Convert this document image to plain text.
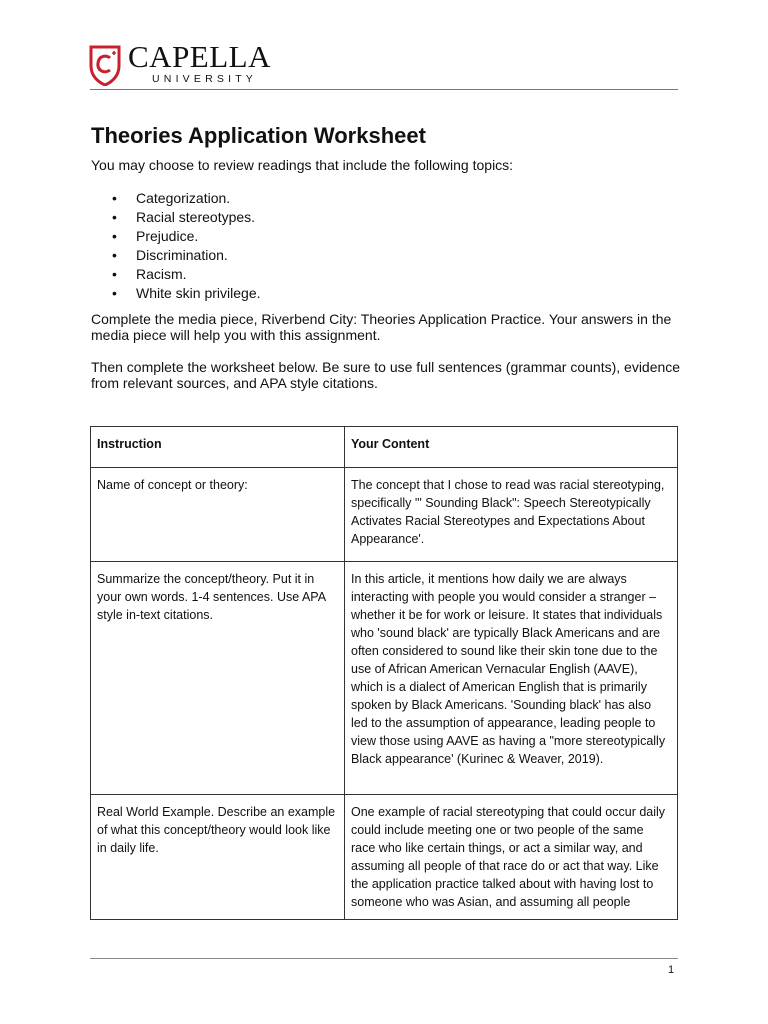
CAPELLA
UNIVERSITY
Theories Application Worksheet
You may choose to review readings that include the following topics:
• Categorization.
• Racial stereotypes.
• Prejudice.
• Discrimination.
• Racism.
• White skin privilege.
Complete the media piece, Riverbend City: Theories Application Practice. Your answers in the media piece will help you with this assignment.
Then complete the worksheet below. Be sure to use full sentences (grammar counts), evidence from relevant sources, and APA style citations.
Instruction	Your Content
Name of concept or theory:	The concept that I chose to read was racial stereotyping, specifically '" Sounding Black": Speech Stereotypically Activates Racial Stereotypes and Expectations About Appearance'.
Summarize the concept/theory. Put it in your own words. 1-4 sentences. Use APA style in-text citations.	In this article, it mentions how daily we are always interacting with people you would consider a stranger – whether it be for work or leisure. It states that individuals who 'sound black' are typically Black Americans and are often considered to sound like their skin tone due to the use of African American Vernacular English (AAVE), which is a dialect of American English that is primarily spoken by Black Americans. 'Sounding black' has also led to the assumption of appearance, leading people to view those using AAVE as having a "more stereotypically Black appearance' (Kurinec & Weaver, 2019).
Real World Example. Describe an example of what this concept/theory would look like in daily life.	One example of racial stereotyping that could occur daily could include meeting one or two people of the same race who like certain things, or act a similar way, and assuming all people of that race do or act that way. Like the application practice talked about with having lost to someone who was Asian, and assuming all people
1
